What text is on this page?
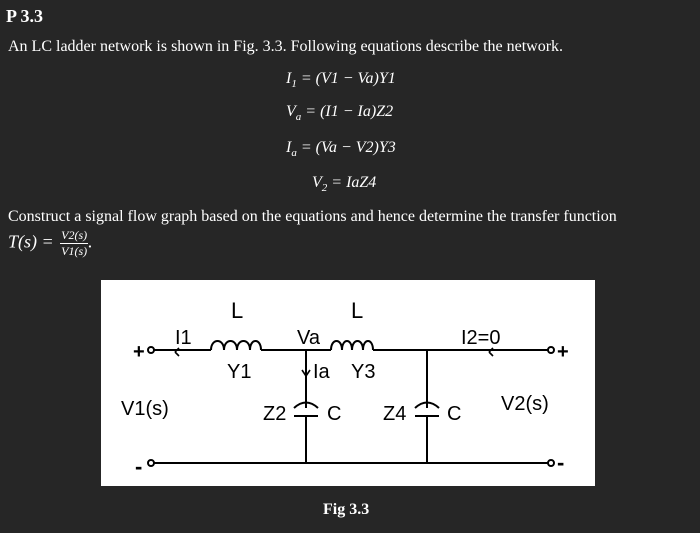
P 3.3
An LC ladder network is shown in Fig. 3.3. Following equations describe the network.
$I_1 = (V1 - Va)Y1$
$V_a = (I1 - Ia)Z2$
$I_a = (Va - V2)Y3$
$V_2 = IaZ4$
Construct a signal flow graph based on the equations and hence determine the transfer function
$T(s) = \frac{V2(s)}{V1(s)}$ .
L	L
I1	Va	I2=0
Y1	Ia Y3
V1(s)	V2(s)
Z2 C Z4 C
+	+
-	-
Fig 3.3
